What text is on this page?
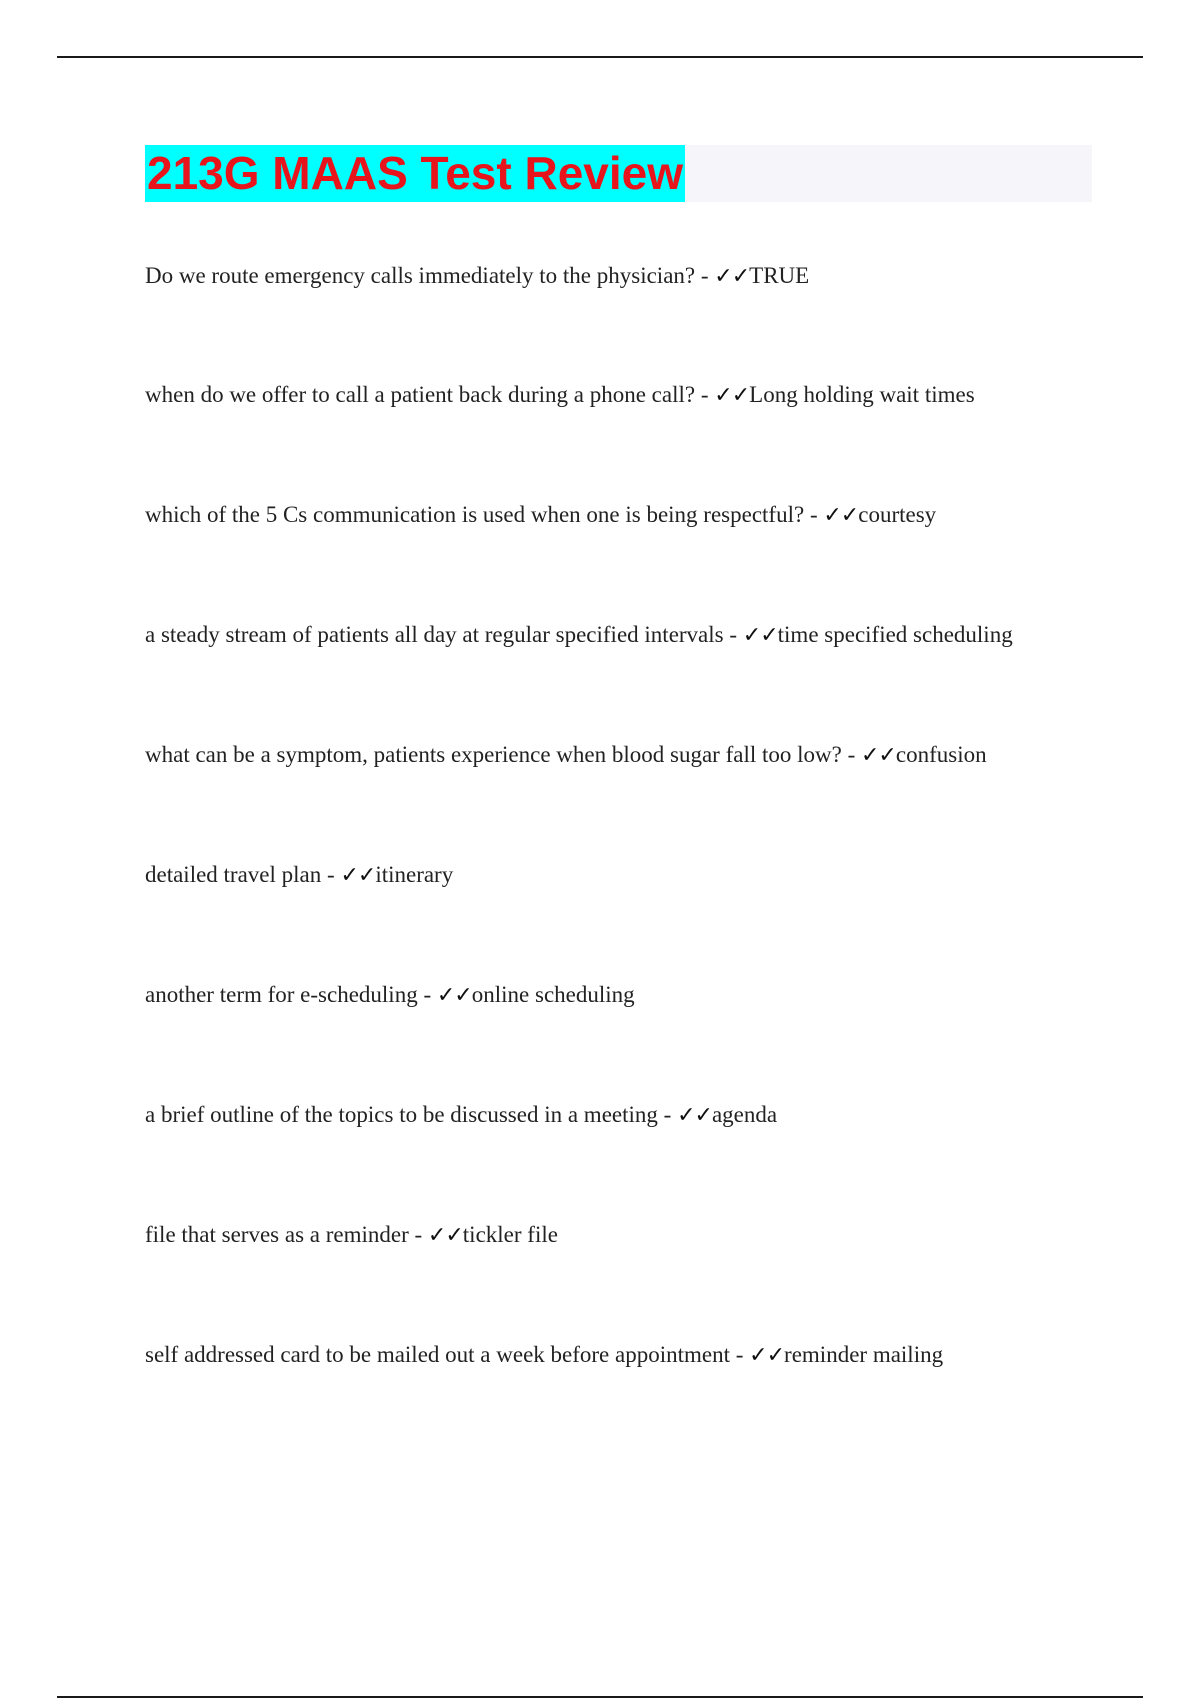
213G MAAS Test Review
Do we route emergency calls immediately to the physician? - ✓✓TRUE
when do we offer to call a patient back during a phone call? - ✓✓Long holding wait times
which of the 5 Cs communication is used when one is being respectful? - ✓✓courtesy
a steady stream of patients all day at regular specified intervals - ✓✓time specified scheduling
what can be a symptom, patients experience when blood sugar fall too low? - ✓✓confusion
detailed travel plan - ✓✓itinerary
another term for e-scheduling - ✓✓online scheduling
a brief outline of the topics to be discussed in a meeting - ✓✓agenda
file that serves as a reminder - ✓✓tickler file
self addressed card to be mailed out a week before appointment - ✓✓reminder mailing
